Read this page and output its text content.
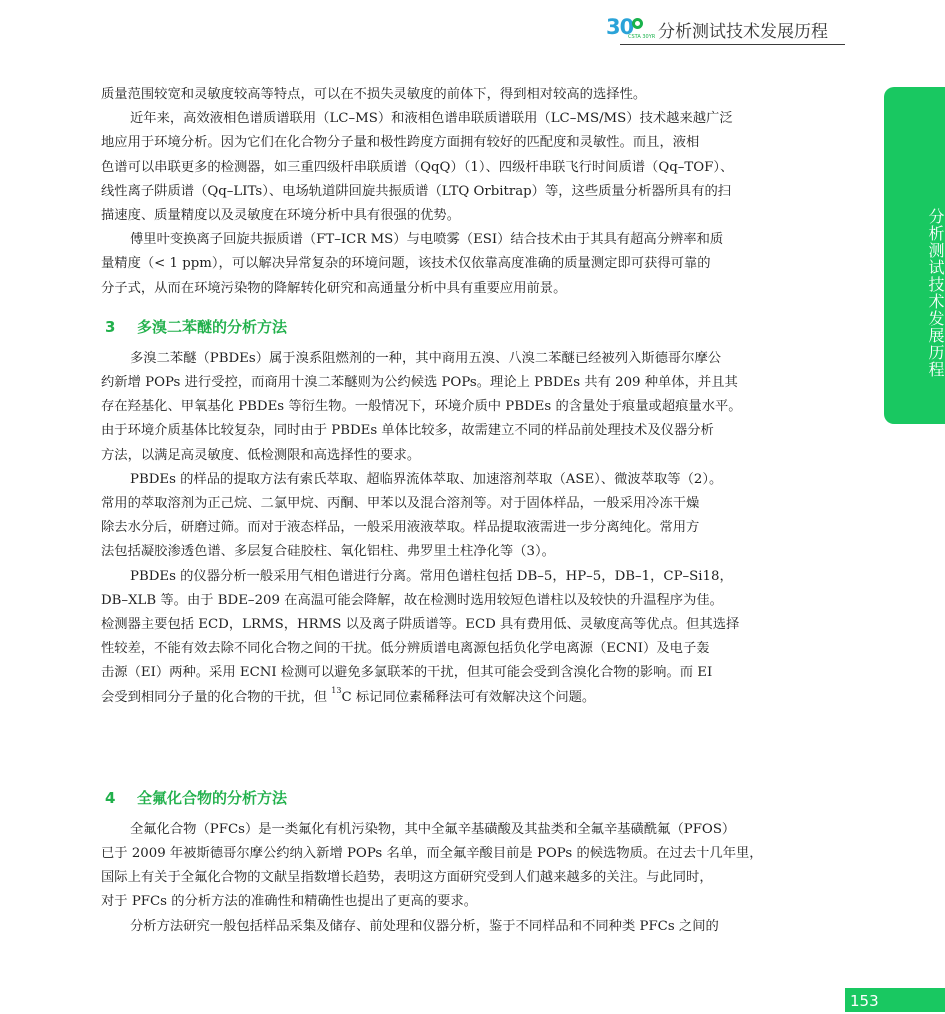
30
CSTA 30YR 分析测试技术发展历程
分析测试技术发展历程

质量范围较宽和灵敏度较高等特点，可以在不损失灵敏度的前体下，得到相对较高的选择性。

近年来，高效液相色谱质谱联用（LC–MS）和液相色谱串联质谱联用（LC–MS/MS）技术越来越广泛

地应用于环境分析。因为它们在化合物分子量和极性跨度方面拥有较好的匹配度和灵敏性。而且，液相

色谱可以串联更多的检测器，如三重四级杆串联质谱（QqQ）（1）、四级杆串联飞行时间质谱（Qq–TOF）、

线性离子阱质谱（Qq–LITs）、电场轨道阱回旋共振质谱（LTQ Orbitrap）等，这些质量分析器所具有的扫

描速度、质量精度以及灵敏度在环境分析中具有很强的优势。

傅里叶变换离子回旋共振质谱（FT–ICR MS）与电喷雾（ESI）结合技术由于其具有超高分辨率和质

量精度（< 1 ppm），可以解决异常复杂的环境问题，该技术仅依靠高度准确的质量测定即可获得可靠的

分子式，从而在环境污染物的降解转化研究和高通量分析中具有重要应用前景。

3 多溴二苯醚的分析方法

多溴二苯醚（PBDEs）属于溴系阻燃剂的一种，其中商用五溴、八溴二苯醚已经被列入斯德哥尔摩公

约新增 POPs 进行受控，而商用十溴二苯醚则为公约候选 POPs。理论上 PBDEs 共有 209 种单体，并且其

存在羟基化、甲氧基化 PBDEs 等衍生物。一般情况下，环境介质中 PBDEs 的含量处于痕量或超痕量水平。

由于环境介质基体比较复杂，同时由于 PBDEs 单体比较多，故需建立不同的样品前处理技术及仪器分析

方法，以满足高灵敏度、低检测限和高选择性的要求。

PBDEs 的样品的提取方法有索氏萃取、超临界流体萃取、加速溶剂萃取（ASE）、微波萃取等（2）。

常用的萃取溶剂为正己烷、二氯甲烷、丙酮、甲苯以及混合溶剂等。对于固体样品，一般采用冷冻干燥

除去水分后，研磨过筛。而对于液态样品，一般采用液液萃取。样品提取液需进一步分离纯化。常用方

法包括凝胶渗透色谱、多层复合硅胶柱、氧化铝柱、弗罗里土柱净化等（3）。

PBDEs 的仪器分析一般采用气相色谱进行分离。常用色谱柱包括 DB–5，HP–5，DB–1，CP–Si18，

DB–XLB 等。由于 BDE–209 在高温可能会降解，故在检测时选用较短色谱柱以及较快的升温程序为佳。

检测器主要包括 ECD，LRMS，HRMS 以及离子阱质谱等。ECD 具有费用低、灵敏度高等优点。但其选择

性较差，不能有效去除不同化合物之间的干扰。低分辨质谱电离源包括负化学电离源（ECNI）及电子轰

击源（EI）两种。采用 ECNI 检测可以避免多氯联苯的干扰，但其可能会受到含溴化合物的影响。而 EI

会受到相同分子量的化合物的干扰，但 $^{13}$C 标记同位素稀释法可有效解决这个问题。

4 全氟化合物的分析方法

全氟化合物（PFCs）是一类氟化有机污染物，其中全氟辛基磺酸及其盐类和全氟辛基磺酰氟（PFOS）

已于 2009 年被斯德哥尔摩公约纳入新增 POPs 名单，而全氟辛酸目前是 POPs 的候选物质。在过去十几年里，

国际上有关于全氟化合物的文献呈指数增长趋势，表明这方面研究受到人们越来越多的关注。与此同时，

对于 PFCs 的分析方法的准确性和精确性也提出了更高的要求。

分析方法研究一般包括样品采集及储存、前处理和仪器分析，鉴于不同样品和不同种类 PFCs 之间的

153
